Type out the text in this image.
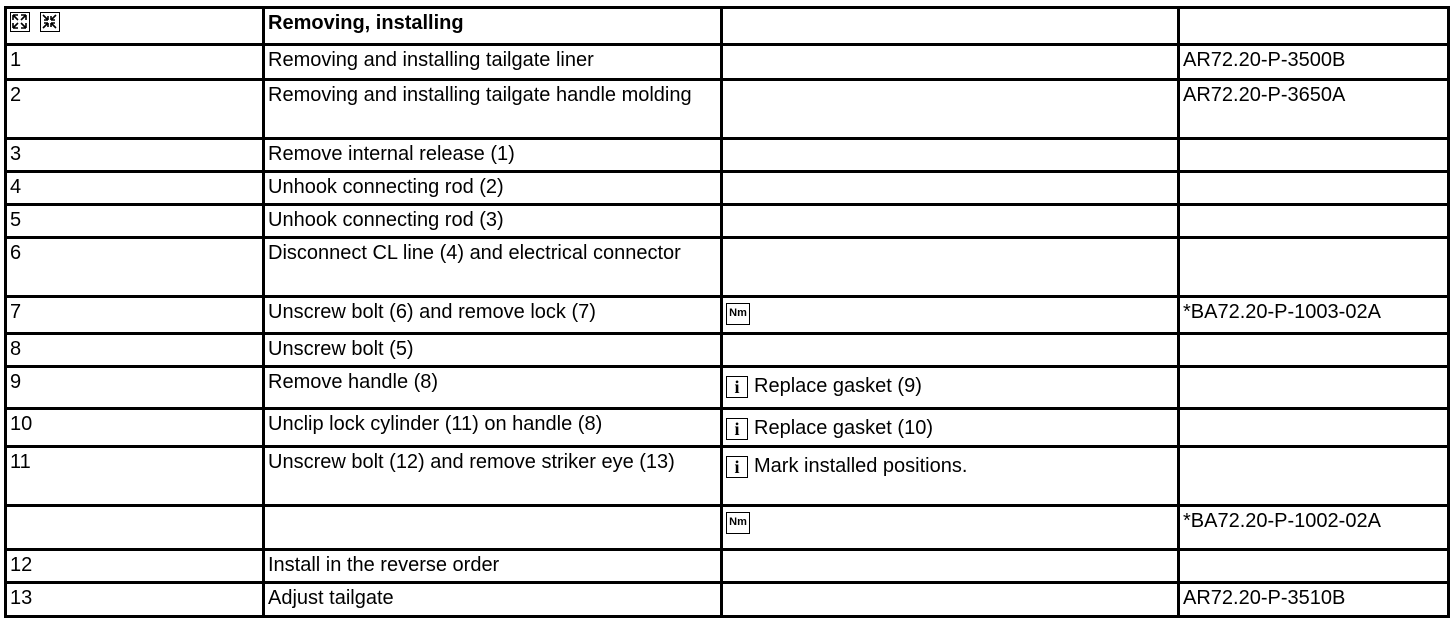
	Removing, installing		
1	Removing and installing tailgate liner		AR72.20-P-3500B
2	Removing and installing tailgate handle molding		AR72.20-P-3650A
3	Remove internal release (1)		
4	Unhook connecting rod (2)		
5	Unhook connecting rod (3)		
6	Disconnect CL line (4) and electrical connector		
7	Unscrew bolt (6) and remove lock (7)	Nm	*BA72.20-P-1003-02A
8	Unscrew bolt (5)		
9	Remove handle (8)	i Replace gasket (9)	

10	Unclip lock cylinder (11) on handle (8)	i Replace gasket (10)	

11	Unscrew bolt (12) and remove striker eye (13)	i Mark installed positions.	

		Nm	*BA72.20-P-1002-02A
12	Install in the reverse order		
13	Adjust tailgate		AR72.20-P-3510B
